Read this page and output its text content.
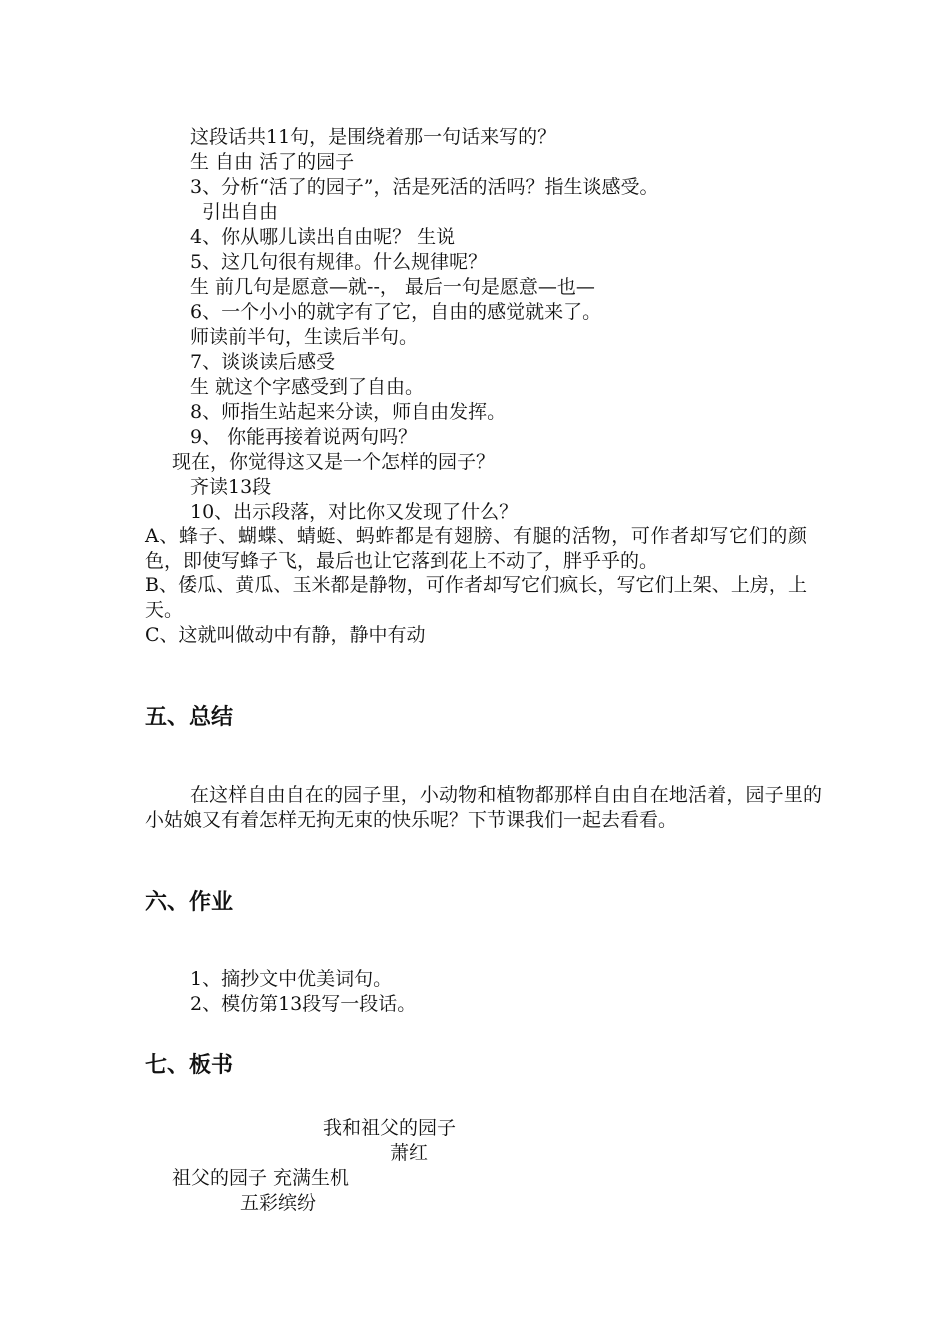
这段话共11句，是围绕着那一句话来写的？

生 自由 活了的园子

3、分析“活了的园子”，活是死活的活吗？指生谈感受。

引出自由

4、你从哪儿读出自由呢？ 生说

5、这几句很有规律。什么规律呢？

生 前几句是愿意—就--， 最后一句是愿意—也—

6、一个小小的就字有了它，自由的感觉就来了。

师读前半句，生读后半句。

7、谈谈读后感受

生 就这个字感受到了自由。

8、师指生站起来分读，师自由发挥。

9、 你能再接着说两句吗？

现在，你觉得这又是一个怎样的园子？

齐读13段

10、出示段落，对比你又发现了什么？

A、蜂子、蝴蝶、蜻蜓、蚂蚱都是有翅膀、有腿的活物，可作者却写它们的颜色，即使写蜂子飞，最后也让它落到花上不动了，胖乎乎的。

B、倭瓜、黄瓜、玉米都是静物，可作者却写它们疯长，写它们上架、上房，上天。

C、这就叫做动中有静，静中有动

五、总结

在这样自由自在的园子里，小动物和植物都那样自由自在地活着，园子里的小姑娘又有着怎样无拘无束的快乐呢？下节课我们一起去看看。

六、作业

1、摘抄文中优美词句。

2、模仿第13段写一段话。

七、板书

我和祖父的园子

萧红

祖父的园子 充满生机

五彩缤纷
